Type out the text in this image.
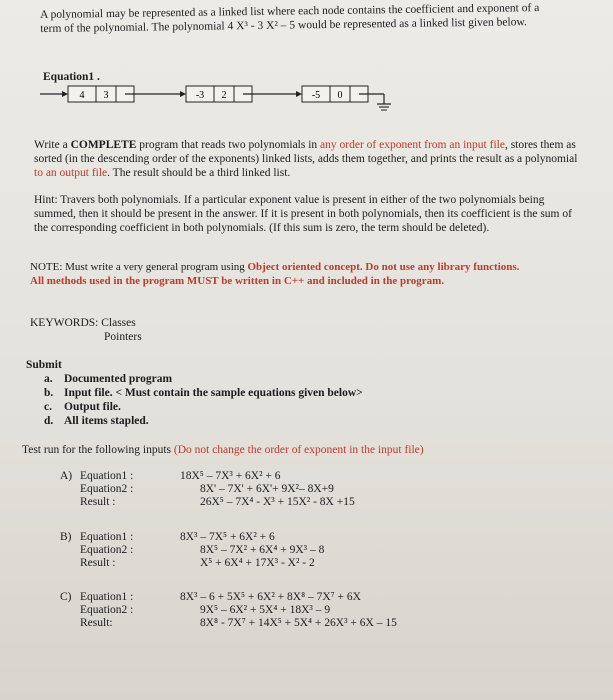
A polynomial may be represented as a linked list where each node contains the coefficient and exponent of a
term of the polynomial. The polynomial 4 X³ - 3 X² – 5 would be represented as a linked list given below.
Equation1 .
4 3	-3 2	-5 0
Write a COMPLETE program that reads two polynomials in any order of exponent from an input file, stores them as sorted (in the descending order of the exponents) linked lists, adds them together, and prints the result as a polynomial to an output file. The result should be a third linked list.
Hint: Travers both polynomials. If a particular exponent value is present in either of the two polynomials being summed, then it should be present in the answer. If it is present in both polynomials, then its coefficient is the sum of the corresponding coefficient in both polynomials. (If this sum is zero, the term should be deleted).
NOTE: Must write a very general program using Object oriented concept. Do not use any library functions.
All methods used in the program MUST be written in C++ and included in the program.
KEYWORDS: Classes
Pointers
Submit
a. Documented program
b. Input file. < Must contain the sample equations given below>
c. Output file.
d. All items stapled.
Test run for the following inputs (Do not change the order of exponent in the input file)
A) Equation1 :	18X⁵ – 7X³ + 6X² + 6
Equation2 :	8X' – 7X' + 6X'+ 9X²– 8X+9
Result :	26X⁵ – 7X⁴ - X³ + 15X² - 8X +15
B) Equation1 :	8X³ – 7X⁵ + 6X² + 6
Equation2 :	8X⁵ – 7X² + 6X⁴ + 9X³ – 8
Result :	X⁵ + 6X⁴ + 17X³ - X² - 2
C) Equation1 :	8X³ – 6 + 5X⁵ + 6X² + 8X⁸ – 7X⁷ + 6X
Equation2 :	9X⁵ – 6X² + 5X⁴ + 18X³ – 9
Result:	8X⁸ - 7X⁷ + 14X⁵ + 5X⁴ + 26X³ + 6X – 15
